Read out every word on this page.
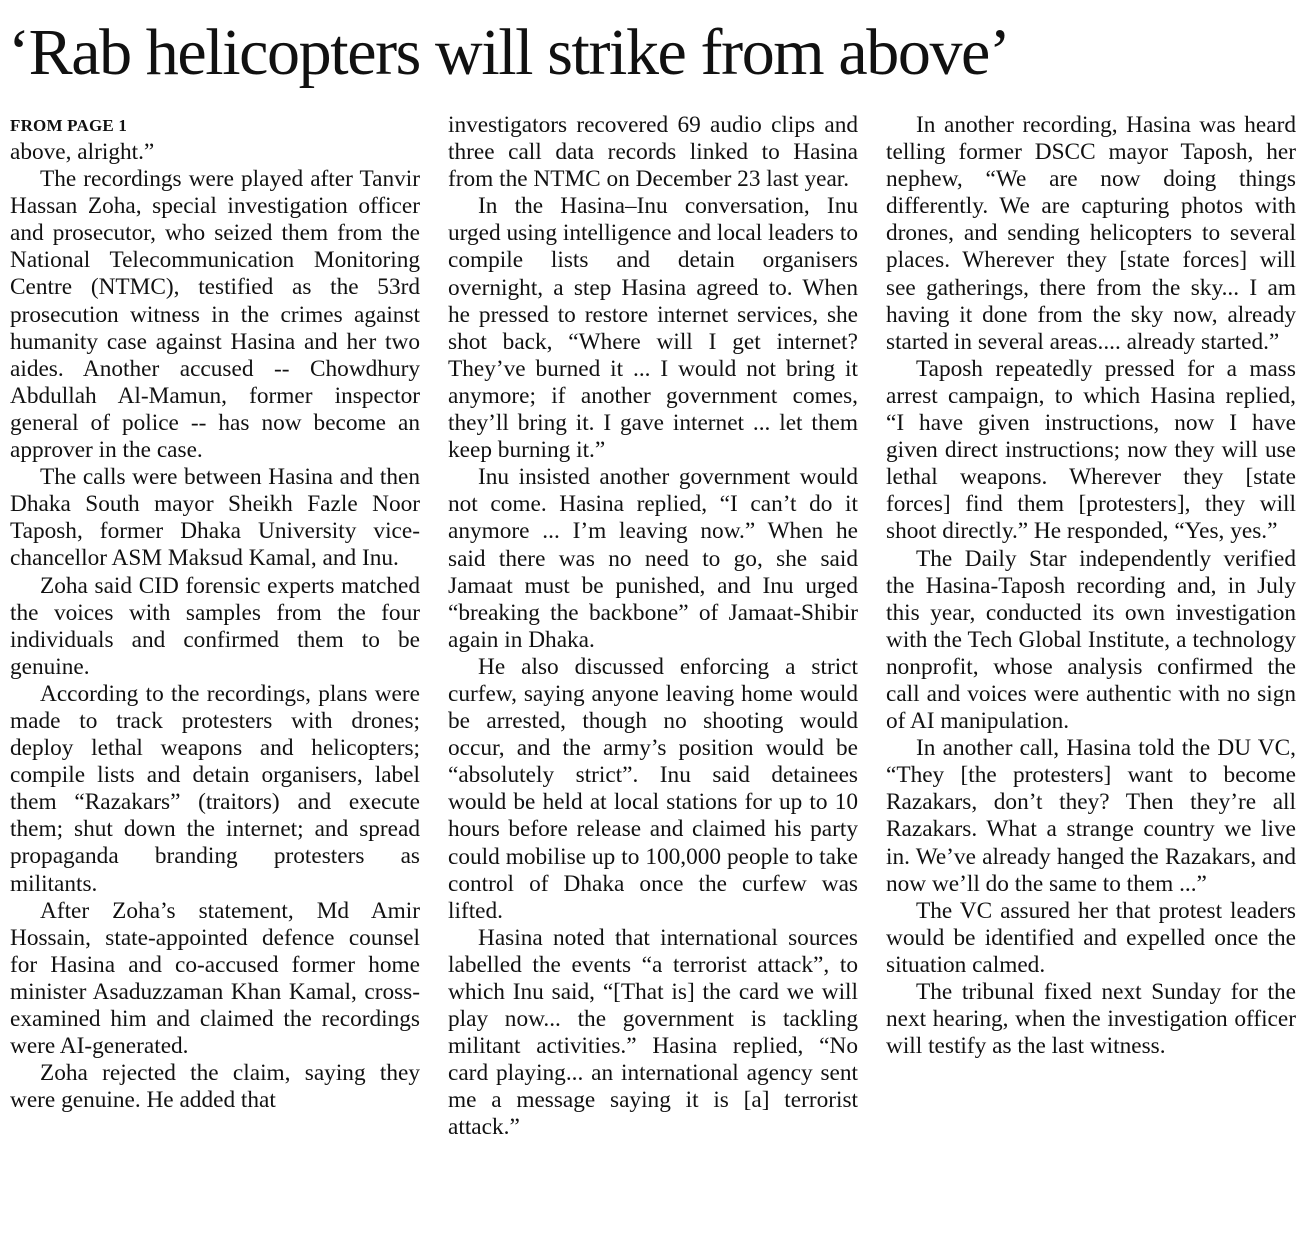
‘Rab helicopters will strike from above’
FROM PAGE 1

above, alright.”

The recordings were played after Tanvir Hassan Zoha, special investigation officer and prosecutor, who seized them from the National Telecommunication Monitoring Centre (NTMC), testified as the 53rd prosecution witness in the crimes against humanity case against Hasina and her two aides. Another accused -- Chowdhury Abdullah Al-Mamun, former inspector general of police -- has now become an approver in the case.

The calls were between Hasina and then Dhaka South mayor Sheikh Fazle Noor Taposh, former Dhaka University vice-chancellor ASM Maksud Kamal, and Inu.

Zoha said CID forensic experts matched the voices with samples from the four individuals and confirmed them to be genuine.

According to the recordings, plans were made to track protesters with drones; deploy lethal weapons and helicopters; compile lists and detain organisers, label them “Razakars” (traitors) and execute them; shut down the internet; and spread propaganda branding protesters as militants.

After Zoha’s statement, Md Amir Hossain, state-appointed defence counsel for Hasina and co-accused former home minister Asaduzzaman Khan Kamal, cross-examined him and claimed the recordings were AI-generated.

Zoha rejected the claim, saying they were genuine. He added that

investigators recovered 69 audio clips and three call data records linked to Hasina from the NTMC on December 23 last year.

In the Hasina–Inu conversation, Inu urged using intelligence and local leaders to compile lists and detain organisers overnight, a step Hasina agreed to. When he pressed to restore internet services, she shot back, “Where will I get internet? They’ve burned it ... I would not bring it anymore; if another government comes, they’ll bring it. I gave internet ... let them keep burning it.”

Inu insisted another government would not come. Hasina replied, “I can’t do it anymore ... I’m leaving now.” When he said there was no need to go, she said Jamaat must be punished, and Inu urged “breaking the backbone” of Jamaat-Shibir again in Dhaka.

He also discussed enforcing a strict curfew, saying anyone leaving home would be arrested, though no shooting would occur, and the army’s position would be “absolutely strict”. Inu said detainees would be held at local stations for up to 10 hours before release and claimed his party could mobilise up to 100,000 people to take control of Dhaka once the curfew was lifted.

Hasina noted that international sources labelled the events “a terrorist attack”, to which Inu said, “[That is] the card we will play now... the government is tackling militant activities.” Hasina replied, “No card playing... an international agency sent me a message saying it is [a] terrorist attack.”

In another recording, Hasina was heard telling former DSCC mayor Taposh, her nephew, “We are now doing things differently. We are capturing photos with drones, and sending helicopters to several places. Wherever they [state forces] will see gatherings, there from the sky... I am having it done from the sky now, already started in several areas.... already started.”

Taposh repeatedly pressed for a mass arrest campaign, to which Hasina replied, “I have given instructions, now I have given direct instructions; now they will use lethal weapons. Wherever they [state forces] find them [protesters], they will shoot directly.” He responded, “Yes, yes.”

The Daily Star independently verified the Hasina-Taposh recording and, in July this year, conducted its own investigation with the Tech Global Institute, a technology nonprofit, whose analysis confirmed the call and voices were authentic with no sign of AI manipulation.

In another call, Hasina told the DU VC, “They [the protesters] want to become Razakars, don’t they? Then they’re all Razakars. What a strange country we live in. We’ve already hanged the Razakars, and now we’ll do the same to them ...”

The VC assured her that protest leaders would be identified and expelled once the situation calmed.

The tribunal fixed next Sunday for the next hearing, when the investigation officer will testify as the last witness.
